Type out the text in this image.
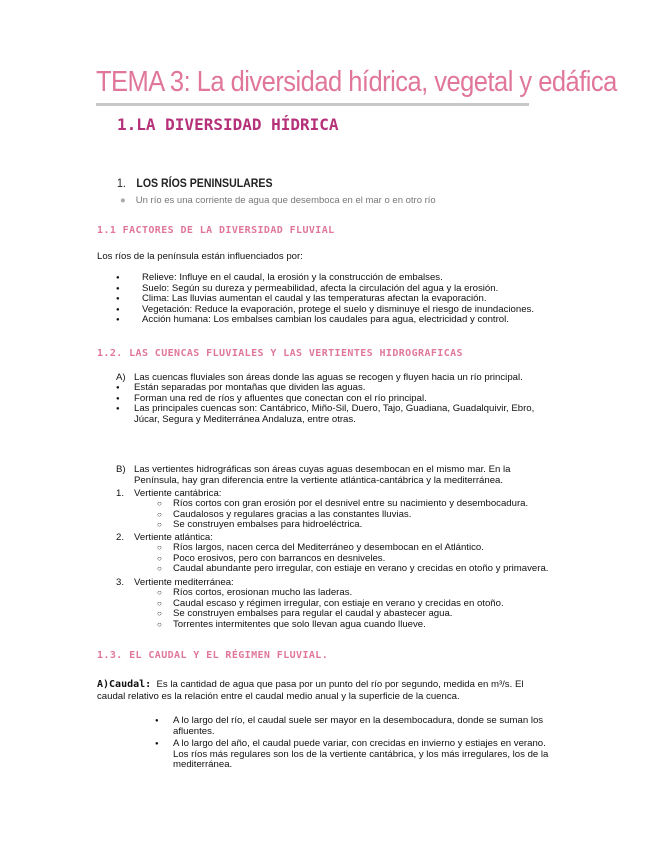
TEMA 3: La diversidad hídrica, vegetal y edáfica
1.LA DIVERSIDAD HÍDRICA
1. LOS RÍOS PENINSULARES
● Un río es una corriente de agua que desemboca en el mar o en otro río
1.1 FACTORES DE LA DIVERSIDAD FLUVIAL
Los ríos de la península están influenciados por:
● Relieve: Influye en el caudal, la erosión y la construcción de embalses.
● Suelo: Según su dureza y permeabilidad, afecta la circulación del agua y la erosión.
● Clima: Las lluvias aumentan el caudal y las temperaturas afectan la evaporación.
● Vegetación: Reduce la evaporación, protege el suelo y disminuye el riesgo de inundaciones.
● Acción humana: Los embalses cambian los caudales para agua, electricidad y control.
1.2. LAS CUENCAS FLUVIALES Y LAS VERTIENTES HIDROGRAFICAS
A) Las cuencas fluviales son áreas donde las aguas se recogen y fluyen hacia un río principal.
● Están separadas por montañas que dividen las aguas.
● Forman una red de ríos y afluentes que conectan con el río principal.
● Las principales cuencas son: Cantábrico, Miño-Sil, Duero, Tajo, Guadiana, Guadalquivir, Ebro, Júcar, Segura y Mediterránea Andaluza, entre otras.
B) Las vertientes hidrográficas son áreas cuyas aguas desembocan en el mismo mar. En la Península, hay gran diferencia entre la vertiente atlántica-cantábrica y la mediterránea.
1. Vertiente cantábrica:
○ Ríos cortos con gran erosión por el desnivel entre su nacimiento y desembocadura.
○ Caudalosos y regulares gracias a las constantes lluvias.
○ Se construyen embalses para hidroeléctrica.
2. Vertiente atlántica:
○ Ríos largos, nacen cerca del Mediterráneo y desembocan en el Atlántico.
○ Poco erosivos, pero con barrancos en desniveles.
○ Caudal abundante pero irregular, con estiaje en verano y crecidas en otoño y primavera.
3. Vertiente mediterránea:
○ Ríos cortos, erosionan mucho las laderas.
○ Caudal escaso y régimen irregular, con estiaje en verano y crecidas en otoño.
○ Se construyen embalses para regular el caudal y abastecer agua.
○ Torrentes intermitentes que solo llevan agua cuando llueve.
1.3. EL CAUDAL Y EL RÉGIMEN FLUVIAL.
A)Caudal: Es la cantidad de agua que pasa por un punto del río por segundo, medida en m³/s. El caudal relativo es la relación entre el caudal medio anual y la superficie de la cuenca.
● A lo largo del río, el caudal suele ser mayor en la desembocadura, donde se suman los afluentes.
● A lo largo del año, el caudal puede variar, con crecidas en invierno y estiajes en verano. Los ríos más regulares son los de la vertiente cantábrica, y los más irregulares, los de la mediterránea.
